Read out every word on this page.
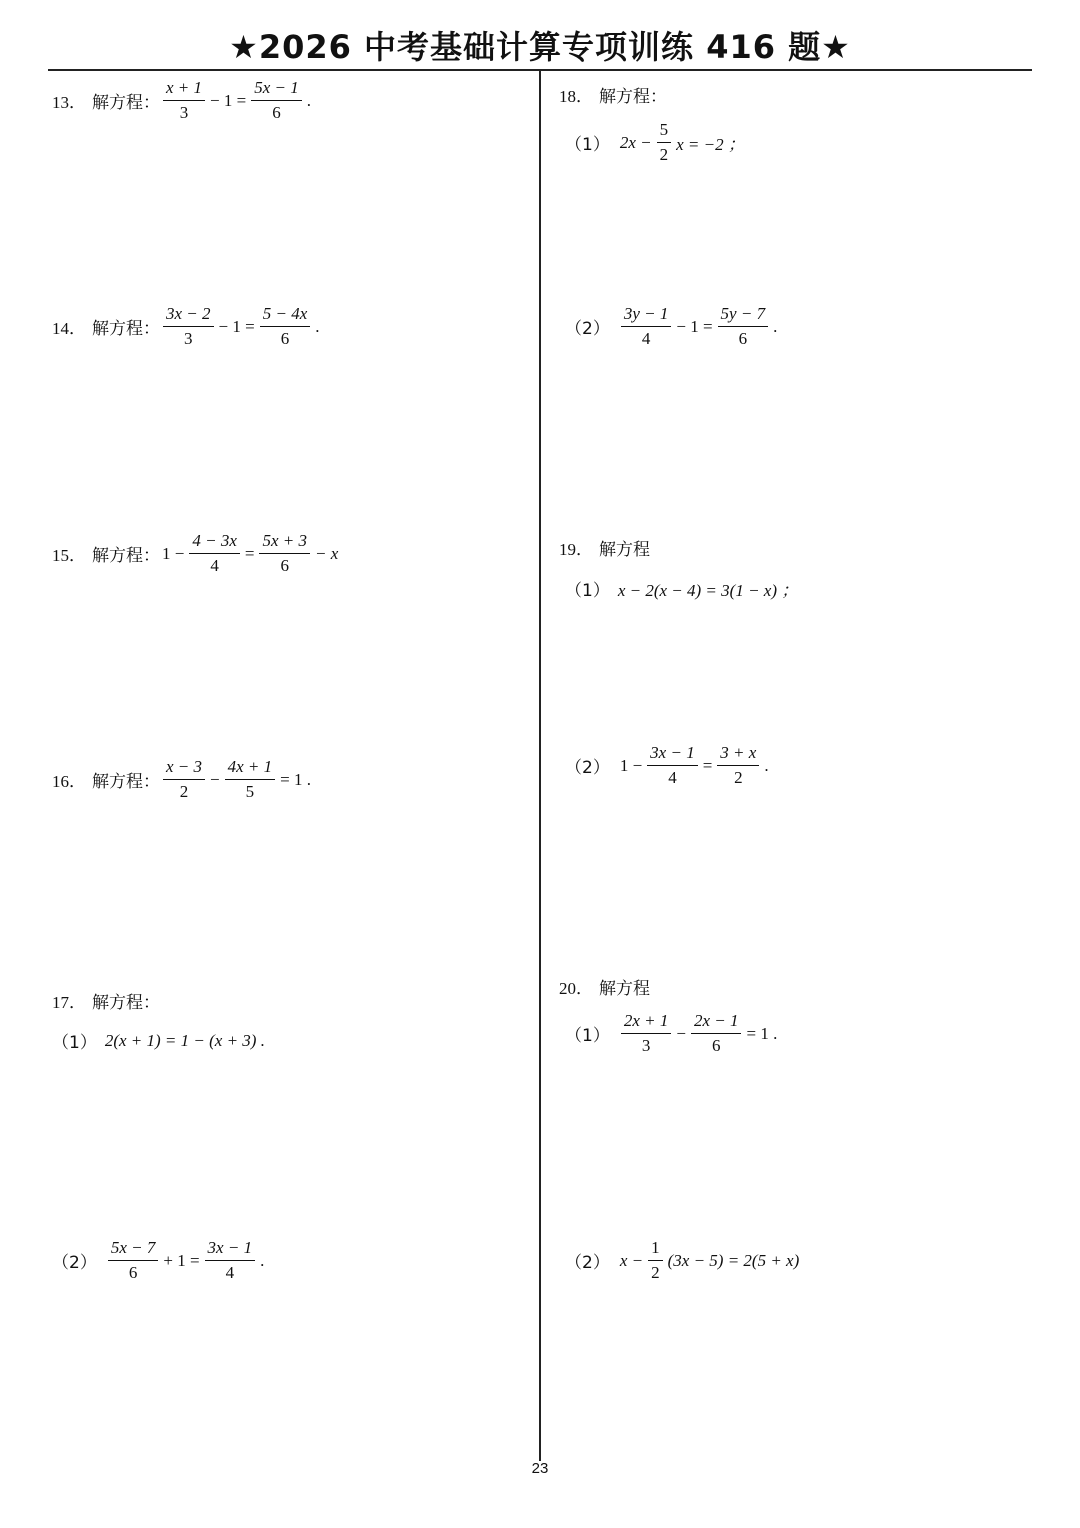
★2026 中考基础计算专项训练 416 题★
13． 解方程： $\frac{x + 1}{3} - 1 = \frac{5x - 1}{6}$ .
14． 解方程： $\frac{3x - 2}{3} - 1 = \frac{5 - 4x}{6}$ .
15． 解方程： $1 - \frac{4 - 3x}{4} = \frac{5x + 3}{6} - x$
16． 解方程： $\frac{x - 3}{2} - \frac{4x + 1}{5} = 1$ .
17． 解方程：
（1） 2(x + 1) = 1 − (x + 3) .
$(2) \frac{5x - 7}{6} + 1 = \frac{3x - 1}{4}$ .
18． 解方程：
（1） $2x - \frac{5}{2}$ x = −2 ；
$(2) \frac{3y - 1}{4} - 1 = \frac{5y - 7}{6}$ .
19． 解方程
（1） x − 2(x − 4) = 3(1 − x) ；
（2） $1 - \frac{3x - 1}{4} = \frac{3 + x}{2}$ .
20． 解方程
$(1) \frac{2x + 1}{3} - \frac{2x - 1}{6} = 1$ .
（2） $x - \frac{1}{2} (3x - 5) = 2(5 + x)$
23
